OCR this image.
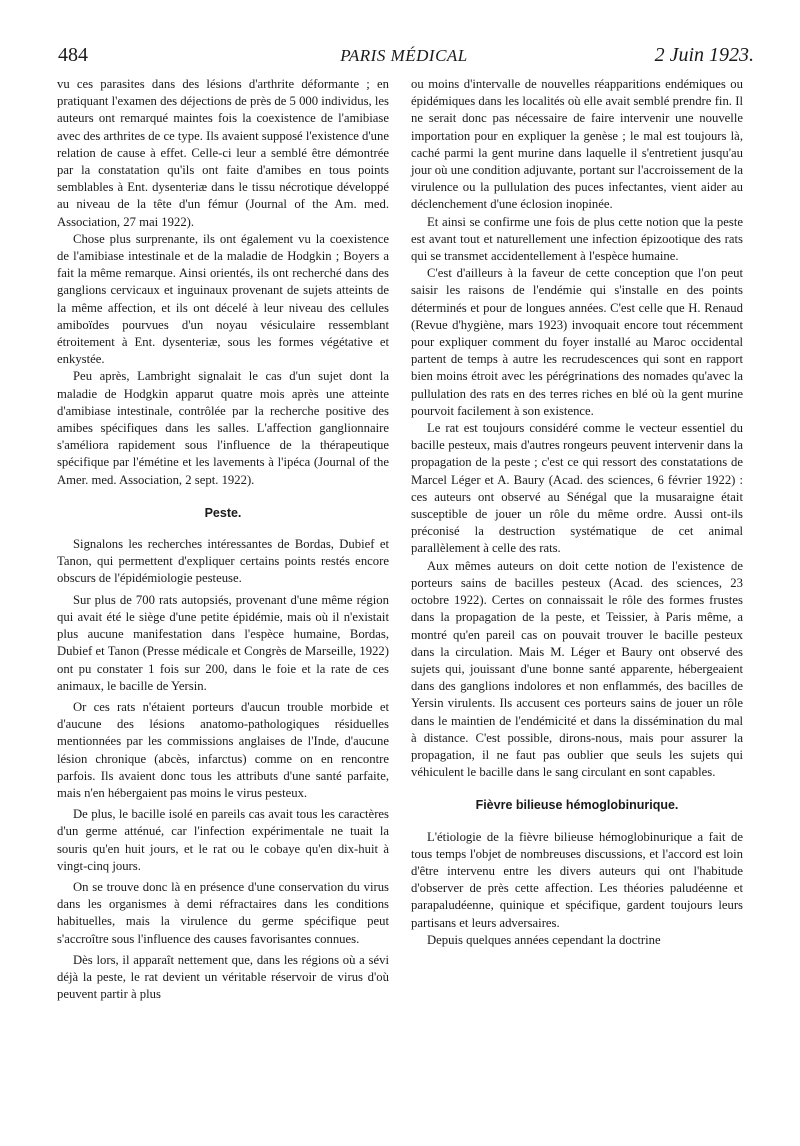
484	PARIS MÉDICAL	2 Juin 1923.

vu ces parasites dans des lésions d'arthrite déformante ; en pratiquant l'examen des déjections de près de 5 000 individus, les auteurs ont remarqué maintes fois la coexistence de l'amibiase avec des arthrites de ce type. Ils avaient supposé l'existence d'une relation de cause à effet. Celle-ci leur a semblé être démontrée par la constatation qu'ils ont faite d'amibes en tous points semblables à Ent. dysenteriæ dans le tissu nécrotique développé au niveau de la tête d'un fémur (Journal of the Am. med. Association, 27 mai 1922).

Chose plus surprenante, ils ont également vu la coexistence de l'amibiase intestinale et de la maladie de Hodgkin ; Boyers a fait la même remarque. Ainsi orientés, ils ont recherché dans des ganglions cervicaux et inguinaux provenant de sujets atteints de la même affection, et ils ont décelé à leur niveau des cellules amiboïdes pourvues d'un noyau vésiculaire ressemblant étroitement à Ent. dysenteriæ, sous les formes végétative et enkystée.

Peu après, Lambright signalait le cas d'un sujet dont la maladie de Hodgkin apparut quatre mois après une atteinte d'amibiase intestinale, contrôlée par la recherche positive des amibes spécifiques dans les salles. L'affection ganglionnaire s'améliora rapidement sous l'influence de la thérapeutique spécifique par l'émétine et les lavements à l'ipéca (Journal of the Amer. med. Association, 2 sept. 1922).

Peste.

Signalons les recherches intéressantes de Bordas, Dubief et Tanon, qui permettent d'expliquer certains points restés encore obscurs de l'épidémiologie pesteuse.

Sur plus de 700 rats autopsiés, provenant d'une même région qui avait été le siège d'une petite épidémie, mais où il n'existait plus aucune manifestation dans l'espèce humaine, Bordas, Dubief et Tanon (Presse médicale et Congrès de Marseille, 1922) ont pu constater 1 fois sur 200, dans le foie et la rate de ces animaux, le bacille de Yersin.

Or ces rats n'étaient porteurs d'aucun trouble morbide et d'aucune des lésions anatomo-pathologiques résiduelles mentionnées par les commissions anglaises de l'Inde, d'aucune lésion chronique (abcès, infarctus) comme on en rencontre parfois. Ils avaient donc tous les attributs d'une santé parfaite, mais n'en hébergaient pas moins le virus pesteux.

De plus, le bacille isolé en pareils cas avait tous les caractères d'un germe atténué, car l'infection expérimentale ne tuait la souris qu'en huit jours, et le rat ou le cobaye qu'en dix-huit à vingt-cinq jours.

On se trouve donc là en présence d'une conservation du virus dans les organismes à demi réfractaires dans les conditions habituelles, mais la virulence du germe spécifique peut s'accroître sous l'influence des causes favorisantes connues.

Dès lors, il apparaît nettement que, dans les régions où a sévi déjà la peste, le rat devient un véritable réservoir de virus d'où peuvent partir à plus

ou moins d'intervalle de nouvelles réapparitions endémiques ou épidémiques dans les localités où elle avait semblé prendre fin. Il ne serait donc pas nécessaire de faire intervenir une nouvelle importation pour en expliquer la genèse ; le mal est toujours là, caché parmi la gent murine dans laquelle il s'entretient jusqu'au jour où une condition adjuvante, portant sur l'accroissement de la virulence ou la pullulation des puces infectantes, vient aider au déclenchement d'une éclosion inopinée.

Et ainsi se confirme une fois de plus cette notion que la peste est avant tout et naturellement une infection épizootique des rats qui se transmet accidentellement à l'espèce humaine.

C'est d'ailleurs à la faveur de cette conception que l'on peut saisir les raisons de l'endémie qui s'installe en des points déterminés et pour de longues années. C'est celle que H. Renaud (Revue d'hygiène, mars 1923) invoquait encore tout récemment pour expliquer comment du foyer installé au Maroc occidental partent de temps à autre les recrudescences qui sont en rapport bien moins étroit avec les pérégrinations des nomades qu'avec la pullulation des rats en des terres riches en blé où la gent murine pourvoit facilement à son existence.

Le rat est toujours considéré comme le vecteur essentiel du bacille pesteux, mais d'autres rongeurs peuvent intervenir dans la propagation de la peste ; c'est ce qui ressort des constatations de Marcel Léger et A. Baury (Acad. des sciences, 6 février 1922) : ces auteurs ont observé au Sénégal que la musaraigne était susceptible de jouer un rôle du même ordre. Aussi ont-ils préconisé la destruction systématique de cet animal parallèlement à celle des rats.

Aux mêmes auteurs on doit cette notion de l'existence de porteurs sains de bacilles pesteux (Acad. des sciences, 23 octobre 1922). Certes on connaissait le rôle des formes frustes dans la propagation de la peste, et Teissier, à Paris même, a montré qu'en pareil cas on pouvait trouver le bacille pesteux dans la circulation. Mais M. Léger et Baury ont observé des sujets qui, jouissant d'une bonne santé apparente, hébergeaient dans des ganglions indolores et non enflammés, des bacilles de Yersin virulents. Ils accusent ces porteurs sains de jouer un rôle dans le maintien de l'endémicité et dans la dissémination du mal à distance. C'est possible, dirons-nous, mais pour assurer la propagation, il ne faut pas oublier que seuls les sujets qui véhiculent le bacille dans le sang circulant en sont capables.

Fièvre bilieuse hémoglobinurique.

L'étiologie de la fièvre bilieuse hémoglobinurique a fait de tous temps l'objet de nombreuses discussions, et l'accord est loin d'être intervenu entre les divers auteurs qui ont l'habitude d'observer de près cette affection. Les théories paludéenne et parapaludéenne, quinique et spécifique, gardent toujours leurs partisans et leurs adversaires.

Depuis quelques années cependant la doctrine
